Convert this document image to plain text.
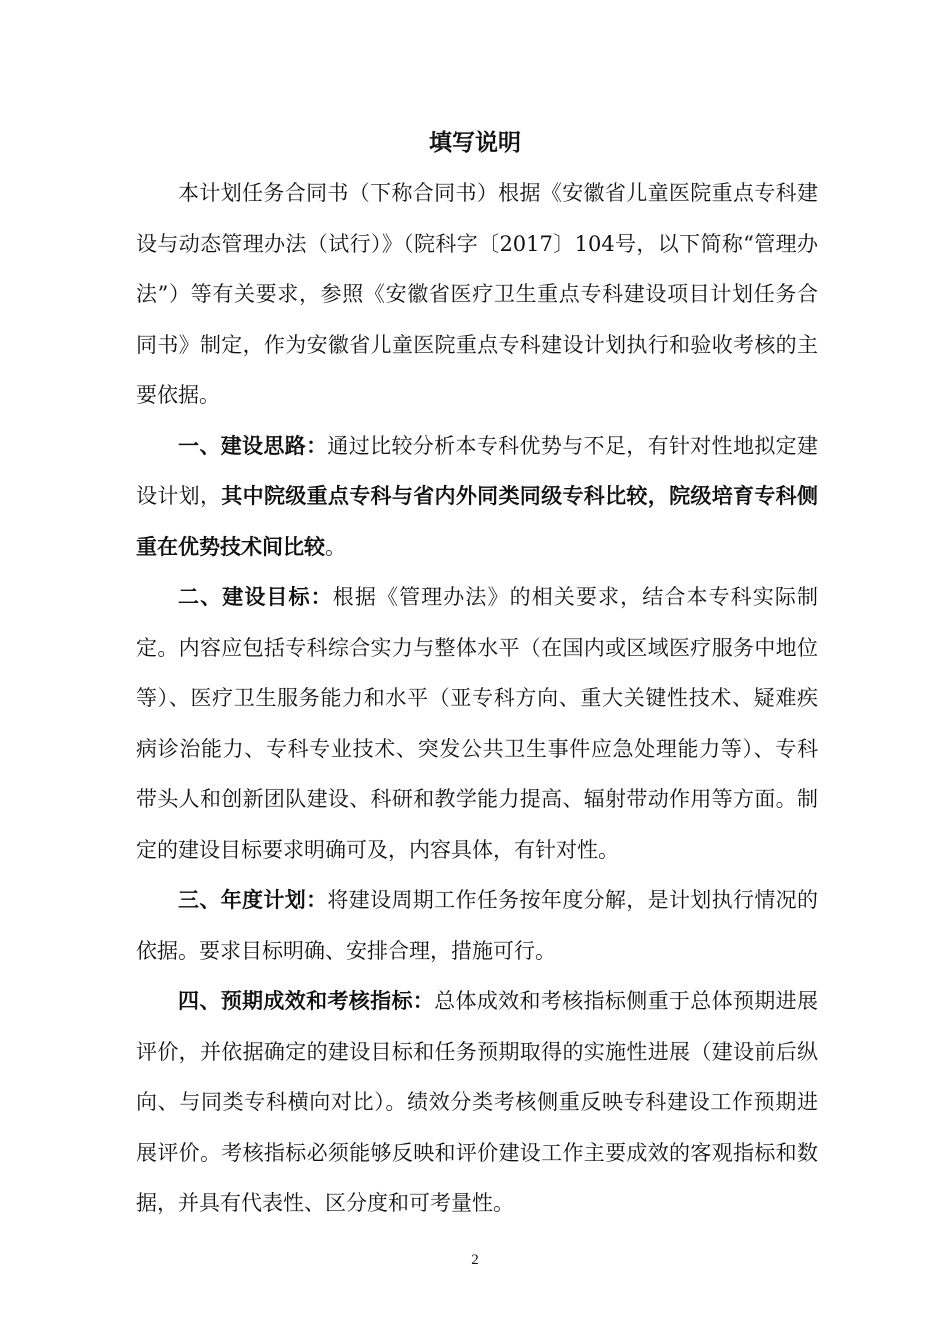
填写说明

本计划任务合同书（下称合同书）根据《安徽省儿童医院重点专科建设与动态管理办法（试行）》（院科字〔2017〕104号，以下简称“管理办法”）等有关要求，参照《安徽省医疗卫生重点专科建设项目计划任务合同书》制定，作为安徽省儿童医院重点专科建设计划执行和验收考核的主要依据。

一、建设思路：通过比较分析本专科优势与不足，有针对性地拟定建设计划，其中院级重点专科与省内外同类同级专科比较，院级培育专科侧重在优势技术间比较。

二、建设目标：根据《管理办法》的相关要求，结合本专科实际制定。内容应包括专科综合实力与整体水平（在国内或区域医疗服务中地位等）、医疗卫生服务能力和水平（亚专科方向、重大关键性技术、疑难疾病诊治能力、专科专业技术、突发公共卫生事件应急处理能力等）、专科带头人和创新团队建设、科研和教学能力提高、辐射带动作用等方面。制定的建设目标要求明确可及，内容具体，有针对性。

三、年度计划：将建设周期工作任务按年度分解，是计划执行情况的依据。要求目标明确、安排合理，措施可行。

四、预期成效和考核指标：总体成效和考核指标侧重于总体预期进展评价，并依据确定的建设目标和任务预期取得的实施性进展（建设前后纵向、与同类专科横向对比）。绩效分类考核侧重反映专科建设工作预期进展评价。考核指标必须能够反映和评价建设工作主要成效的客观指标和数据，并具有代表性、区分度和可考量性。

2
